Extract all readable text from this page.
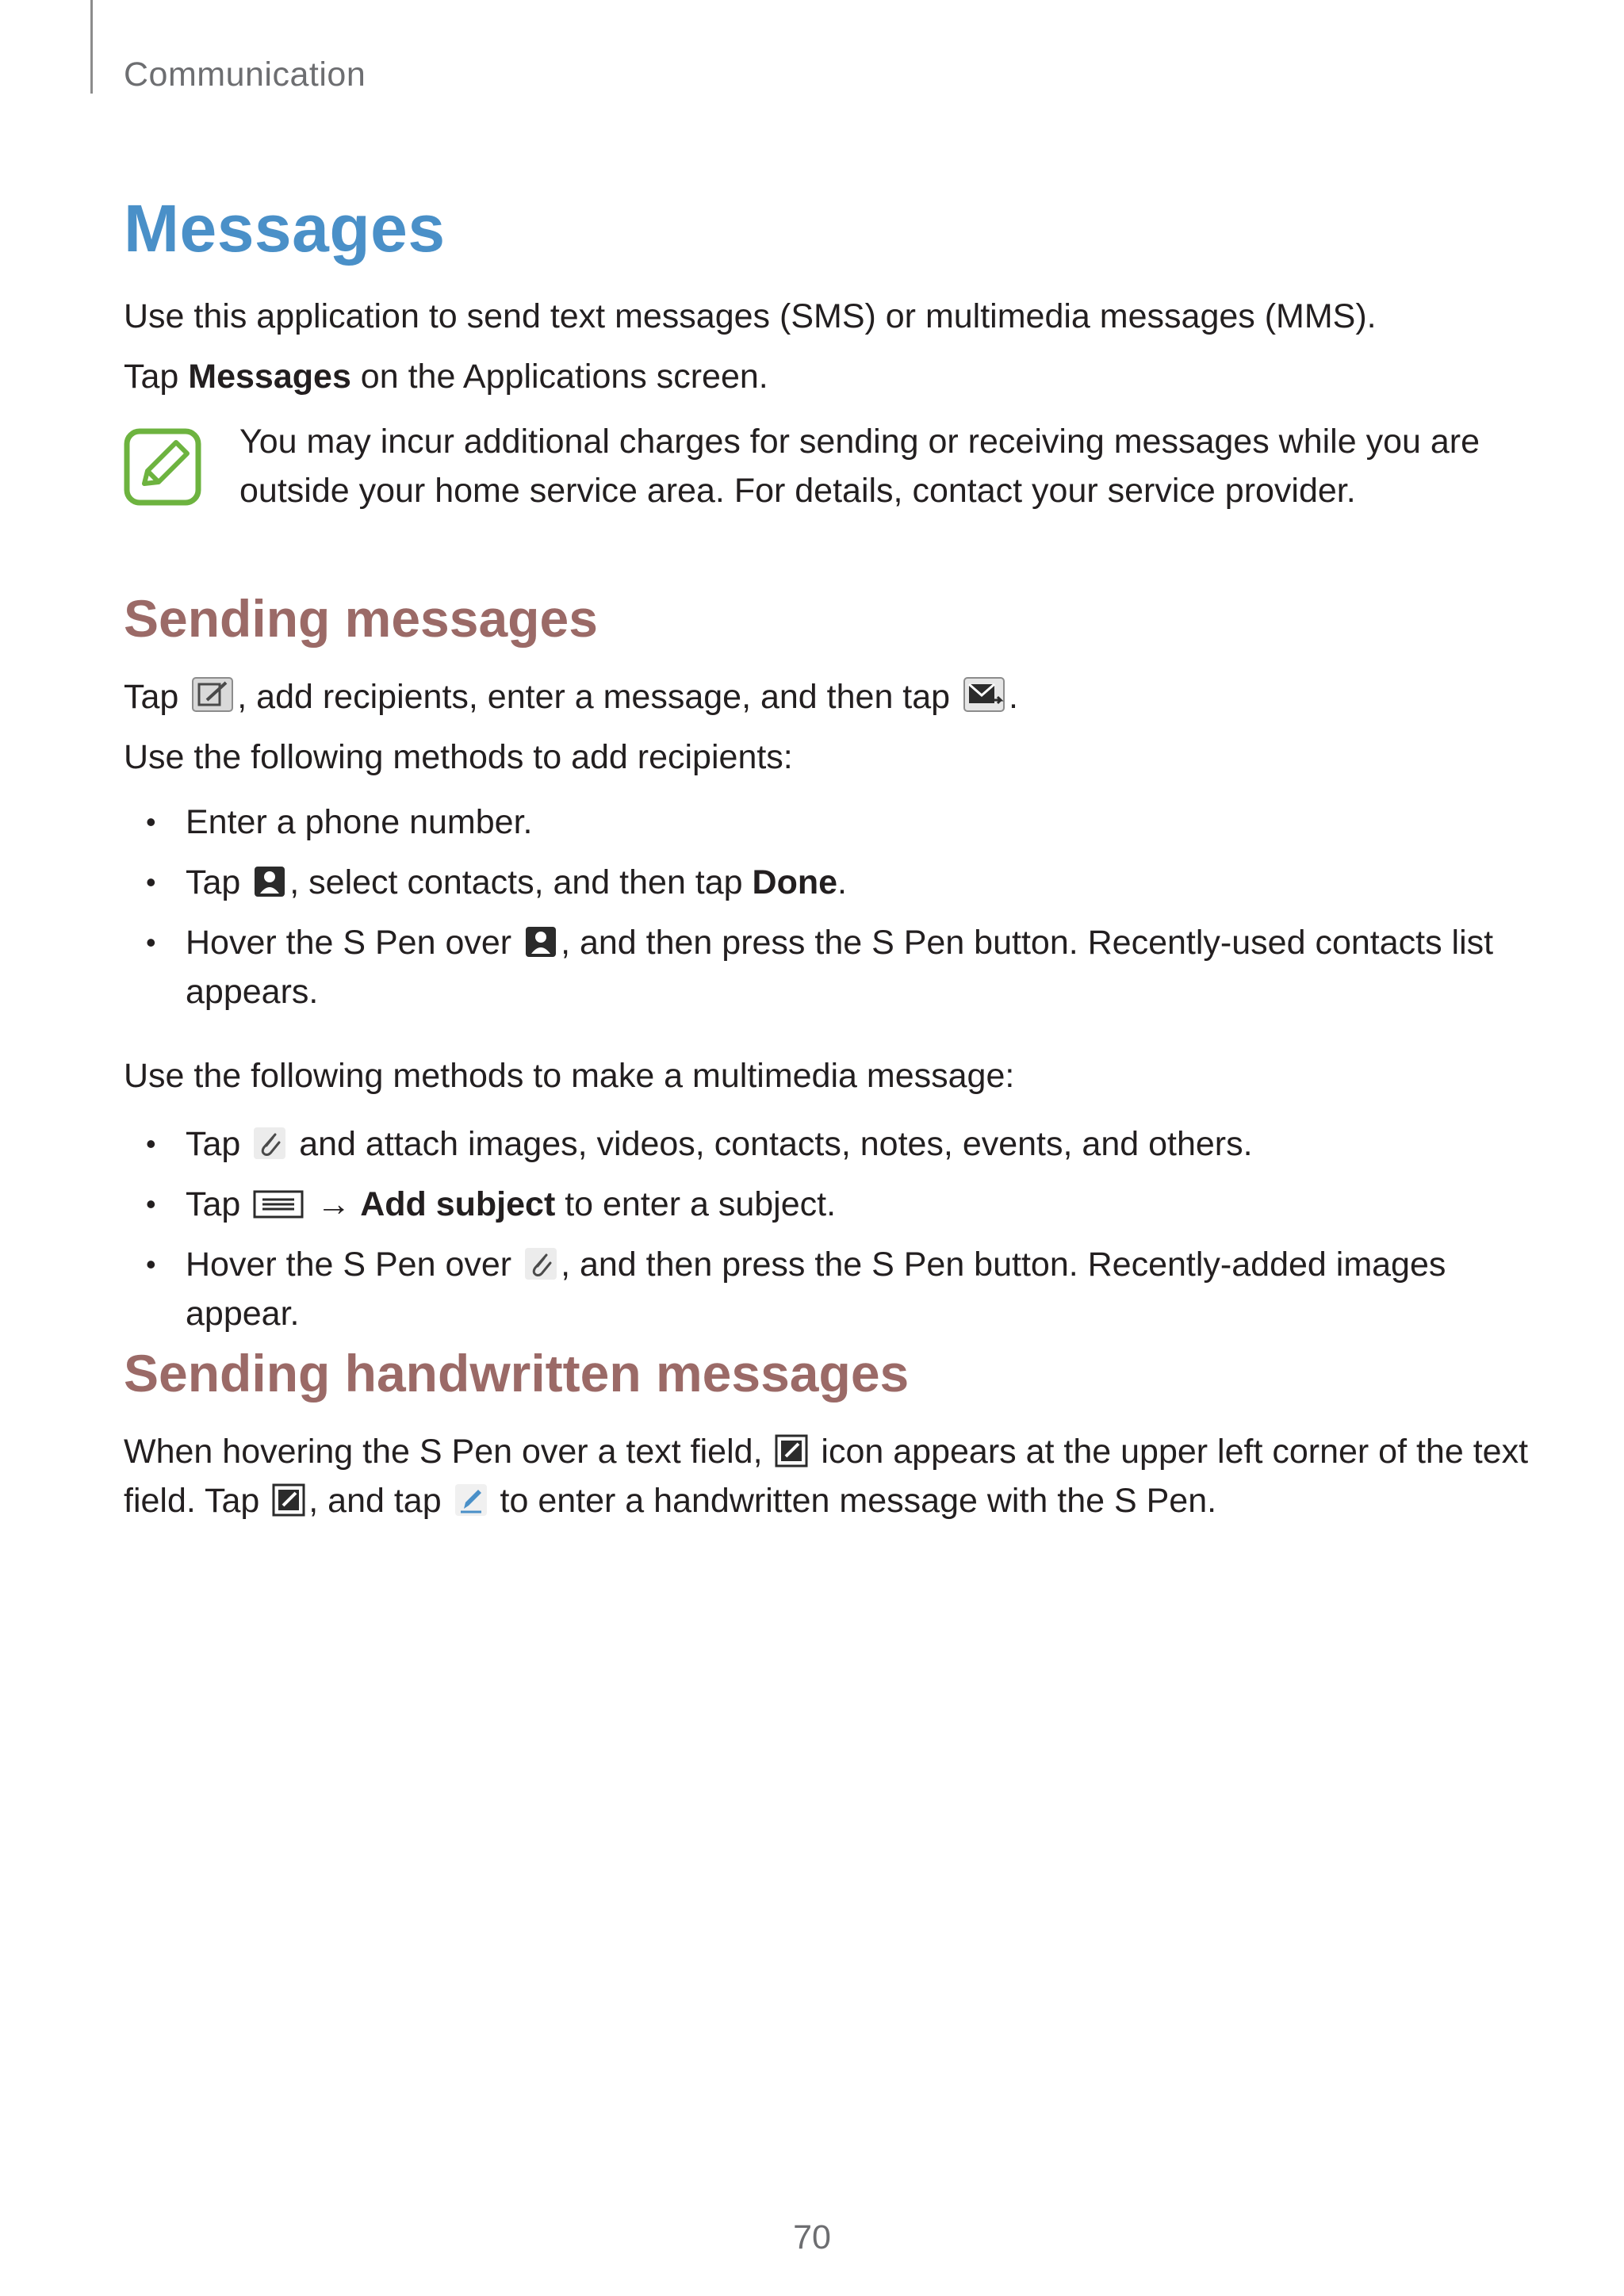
Communication
Messages
Use this application to send text messages (SMS) or multimedia messages (MMS).
Tap Messages on the Applications screen.
You may incur additional charges for sending or receiving messages while you are outside your home service area. For details, contact your service provider.
Sending messages
Tap , add recipients, enter a message, and then tap .
Use the following methods to add recipients:
• Enter a phone number.
• Tap , select contacts, and then tap Done.
• Hover the S Pen over , and then press the S Pen button. Recently-used contacts list appears.
Use the following methods to make a multimedia message:
• Tap  and attach images, videos, contacts, notes, events, and others.
• Tap  → Add subject to enter a subject.
• Hover the S Pen over , and then press the S Pen button. Recently-added images appear.
Sending handwritten messages
When hovering the S Pen over a text field,  icon appears at the upper left corner of the text
field. Tap , and tap  to enter a handwritten message with the S Pen.
70
